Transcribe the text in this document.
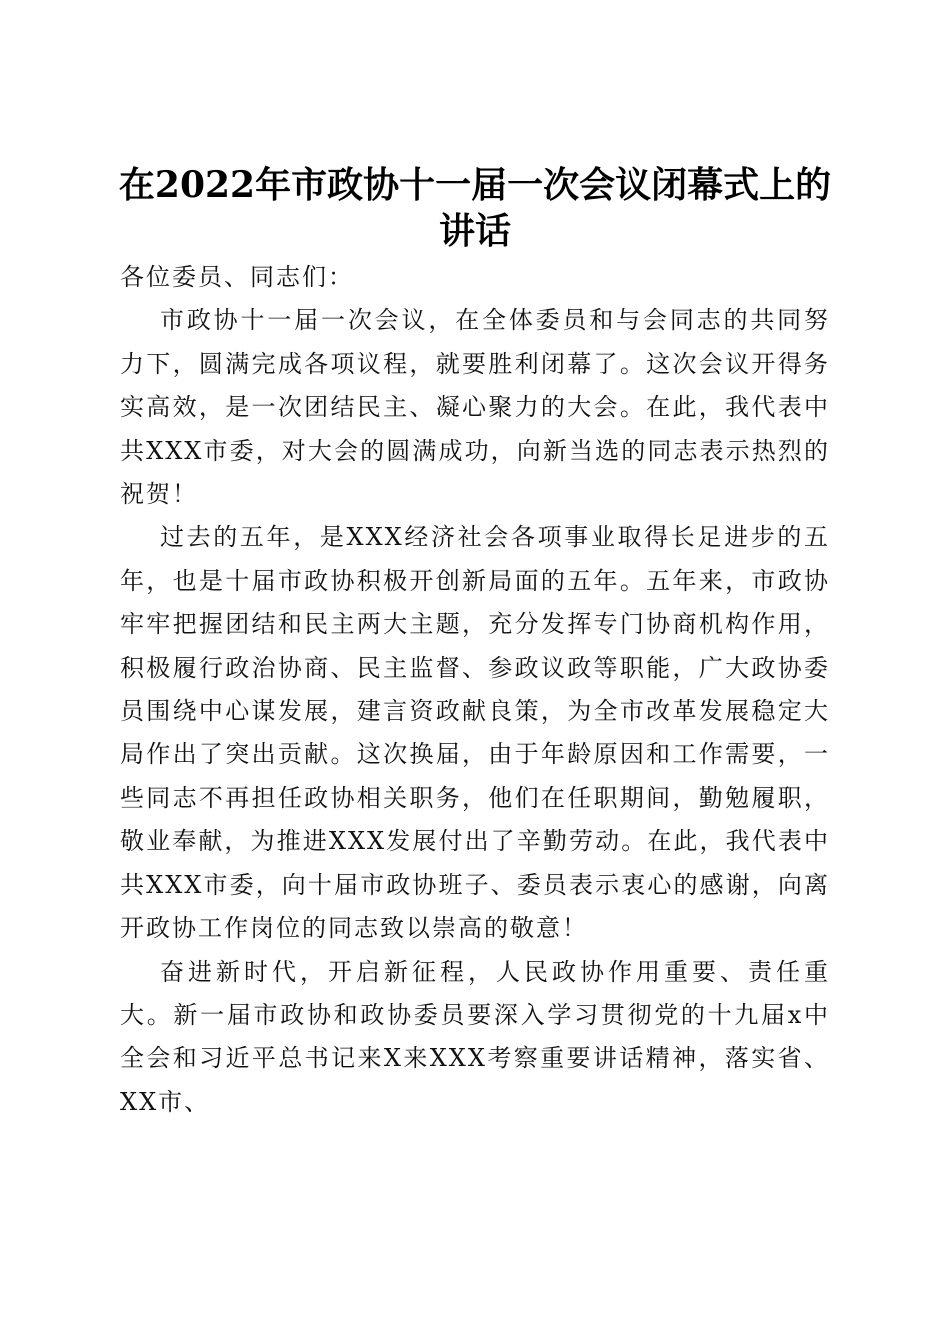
在2022年市政协十一届一次会议闭幕式上的
讲话

各位委员、同志们：

市政协十一届一次会议，在全体委员和与会同志的共同努力下，圆满完成各项议程，就要胜利闭幕了。这次会议开得务实高效，是一次团结民主、凝心聚力的大会。在此，我代表中共XXX市委，对大会的圆满成功，向新当选的同志表示热烈的祝贺！

过去的五年，是XXX经济社会各项事业取得长足进步的五年，也是十届市政协积极开创新局面的五年。五年来，市政协牢牢把握团结和民主两大主题，充分发挥专门协商机构作用，积极履行政治协商、民主监督、参政议政等职能，广大政协委员围绕中心谋发展，建言资政献良策，为全市改革发展稳定大局作出了突出贡献。这次换届，由于年龄原因和工作需要，一些同志不再担任政协相关职务，他们在任职期间，勤勉履职，敬业奉献，为推进XXX发展付出了辛勤劳动。在此，我代表中共XXX市委，向十届市政协班子、委员表示衷心的感谢，向离开政协工作岗位的同志致以崇高的敬意！

奋进新时代，开启新征程，人民政协作用重要、责任重大。新一届市政协和政协委员要深入学习贯彻党的十九届x中全会和习近平总书记来X来XXX考察重要讲话精神，落实省、XX市、
